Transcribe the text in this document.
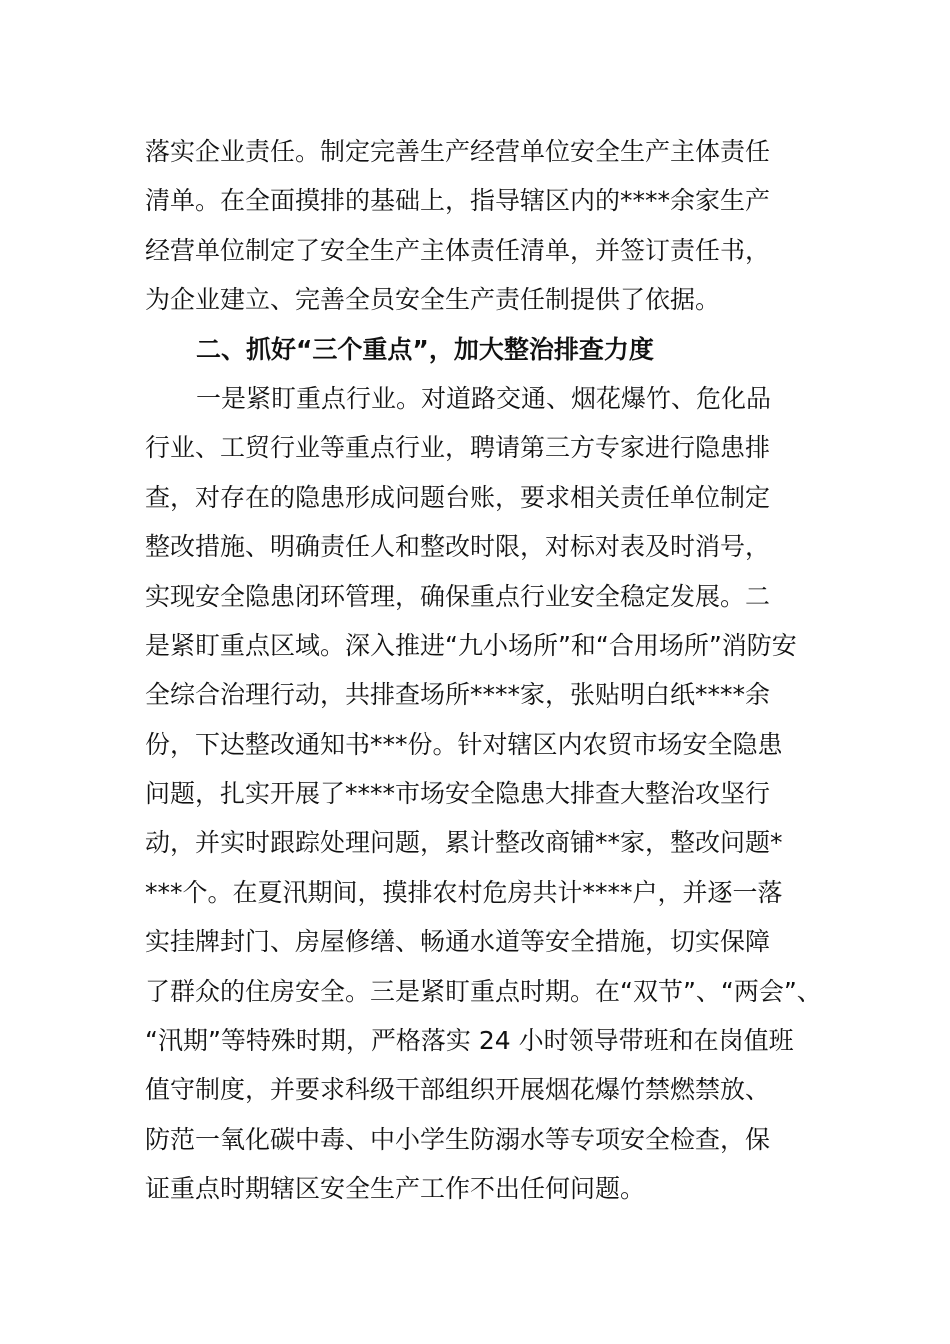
落实企业责任。制定完善生产经营单位安全生产主体责任
清单。在全面摸排的基础上，指导辖区内的****余家生产
经营单位制定了安全生产主体责任清单，并签订责任书，
为企业建立、完善全员安全生产责任制提供了依据。
二、抓好“三个重点”，加大整治排查力度
一是紧盯重点行业。对道路交通、烟花爆竹、危化品
行业、工贸行业等重点行业，聘请第三方专家进行隐患排
查，对存在的隐患形成问题台账，要求相关责任单位制定
整改措施、明确责任人和整改时限，对标对表及时消号，
实现安全隐患闭环管理，确保重点行业安全稳定发展。二
是紧盯重点区域。深入推进“九小场所”和“合用场所”消防安
全综合治理行动，共排查场所****家，张贴明白纸****余
份，下达整改通知书***份。针对辖区内农贸市场安全隐患
问题，扎实开展了****市场安全隐患大排查大整治攻坚行
动，并实时跟踪处理问题，累计整改商铺**家，整改问题*
***个。在夏汛期间，摸排农村危房共计****户，并逐一落
实挂牌封门、房屋修缮、畅通水道等安全措施，切实保障
了群众的住房安全。三是紧盯重点时期。在“双节”、“两会”、
“汛期”等特殊时期，严格落实 24 小时领导带班和在岗值班
值守制度，并要求科级干部组织开展烟花爆竹禁燃禁放、
防范一氧化碳中毒、中小学生防溺水等专项安全检查，保
证重点时期辖区安全生产工作不出任何问题。
